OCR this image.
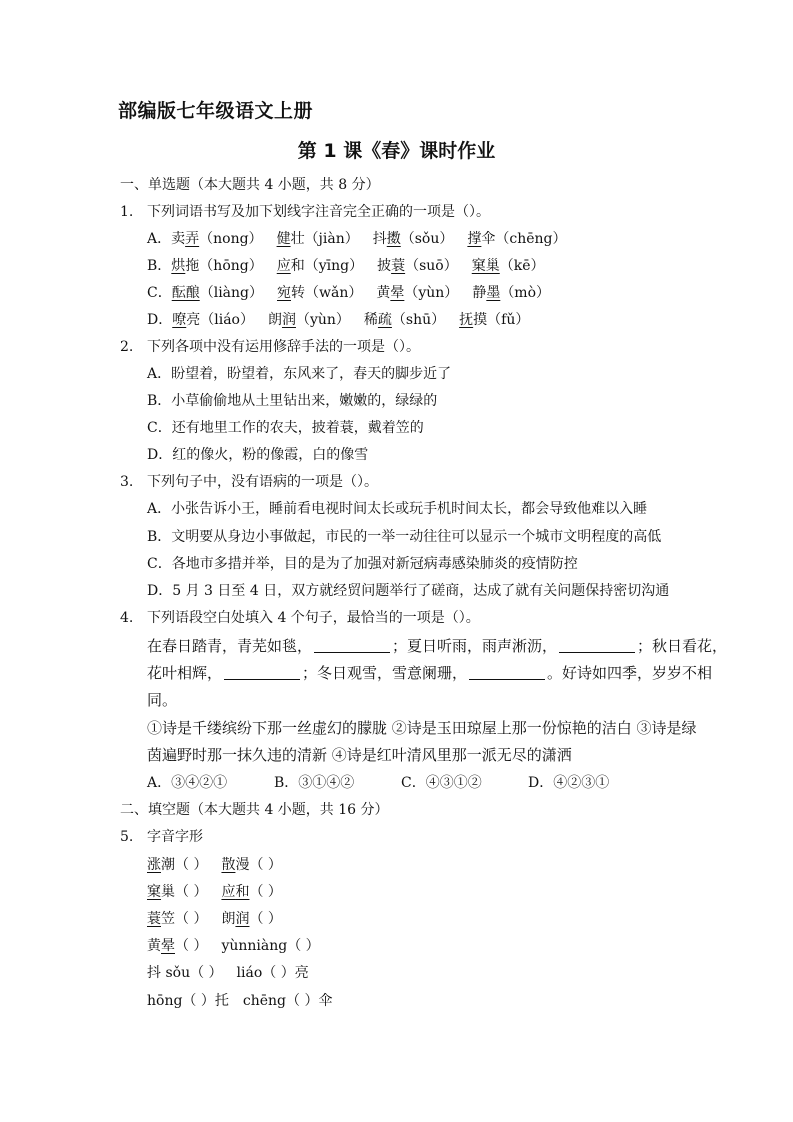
部编版七年级语文上册
第 1 课《春》课时作业
一、单选题（本大题共 4 小题，共 8 分）
1. 下列词语书写及加下划线字注音完全正确的一项是（）。
A．卖弄（nong） 健壮（jiàn） 抖擞（sǒu） 撑伞（chēng）
B．烘拖（hōng） 应和（yīng） 披蓑（suō） 窠巢（kē）
C．酝酿（liàng） 宛转（wǎn） 黄晕（yùn） 静墨（mò）
D．嘹亮（liáo） 朗润（yùn） 稀疏（shū） 抚摸（fǔ）
2. 下列各项中没有运用修辞手法的一项是（）。
A．盼望着，盼望着，东风来了，春天的脚步近了
B．小草偷偷地从土里钻出来，嫩嫩的，绿绿的
C．还有地里工作的农夫，披着蓑，戴着笠的
D．红的像火，粉的像霞，白的像雪
3. 下列句子中，没有语病的一项是（）。
A．小张告诉小王，睡前看电视时间太长或玩手机时间太长，都会导致他难以入睡
B．文明要从身边小事做起，市民的一举一动往往可以显示一个城市文明程度的高低
C．各地市多措并举，目的是为了加强对新冠病毒感染肺炎的疫情防控
D．5 月 3 日至 4 日，双方就经贸问题举行了磋商，达成了就有关问题保持密切沟通
4. 下列语段空白处填入 4 个句子，最恰当的一项是（）。
在春日踏青，青芜如毯，	；夏日听雨，雨声淅沥，	；秋日看花，
花叶相辉，	；冬日观雪，雪意阑珊，	。好诗如四季，岁岁不相
同。
①诗是千缕缤纷下那一丝虚幻的朦胧 ②诗是玉田琼屋上那一份惊艳的洁白 ③诗是绿
茵遍野时那一抹久违的清新 ④诗是红叶清风里那一派无尽的潇洒
A．③④②①	B．③①④②	C．④③①②	D．④②③①
二、填空题（本大题共 4 小题，共 16 分）
5. 字音字形
涨潮（ ） 散漫（ ）
窠巢（ ） 应和（ ）
蓑笠（ ） 朗润（ ）
黄晕（ ） yùnniàng（ ）
抖 sǒu（ ） liáo（ ）亮
hōng（ ）托 chēng（ ）伞
